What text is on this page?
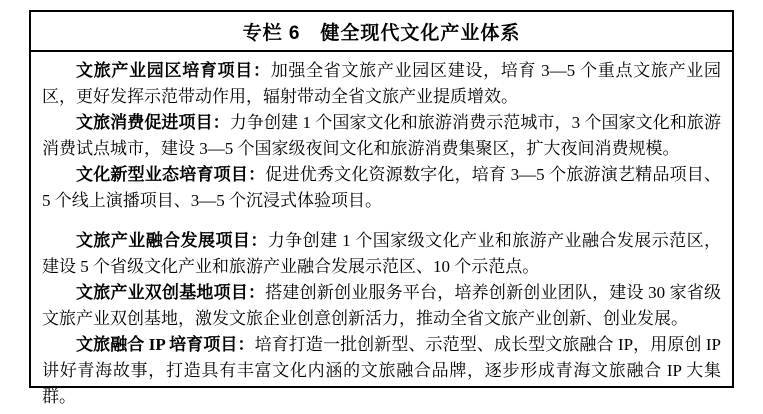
专栏 6　健全现代文化产业体系

文旅产业园区培育项目：加强全省文旅产业园区建设，培育 3—5 个重点文旅产业园区，更好发挥示范带动作用，辐射带动全省文旅产业提质增效。

文旅消费促进项目：力争创建 1 个国家文化和旅游消费示范城市，3 个国家文化和旅游消费试点城市，建设 3—5 个国家级夜间文化和旅游消费集聚区，扩大夜间消费规模。

文化新型业态培育项目：促进优秀文化资源数字化，培育 3—5 个旅游演艺精品项目、5 个线上演播项目、3—5 个沉浸式体验项目。

文旅产业融合发展项目：力争创建 1 个国家级文化产业和旅游产业融合发展示范区，建设 5 个省级文化产业和旅游产业融合发展示范区、10 个示范点。

文旅产业双创基地项目：搭建创新创业服务平台，培养创新创业团队，建设 30 家省级文旅产业双创基地，激发文旅企业创意创新活力，推动全省文旅产业创新、创业发展。

文旅融合 IP 培育项目：培育打造一批创新型、示范型、成长型文旅融合 IP，用原创 IP 讲好青海故事，打造具有丰富文化内涵的文旅融合品牌，逐步形成青海文旅融合 IP 大集群。
